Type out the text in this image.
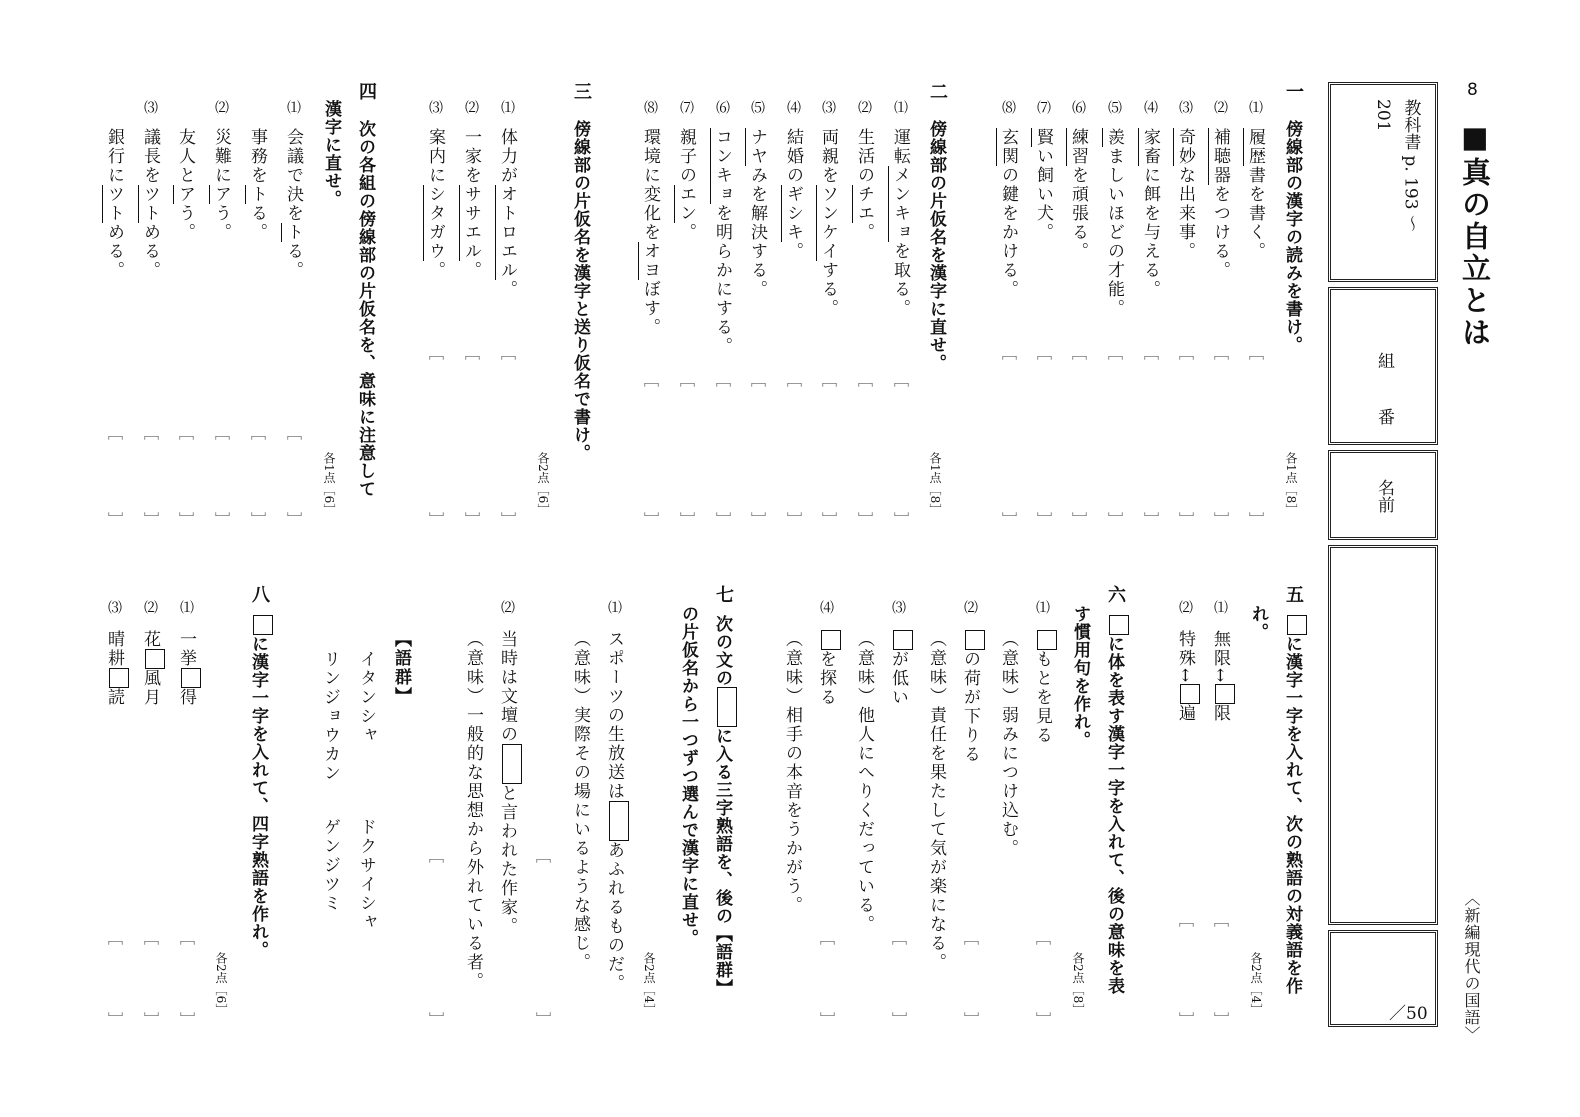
8
■真の自立とは
〈新編現代の国語〉
教科書 p. 193 ～ 201
組
番
名前
／50
一
傍線部の漢字の読みを書け。
各1点［8］
⑴
履歴書を書く。
［
］
⑵
補聴器をつける。
［
］
⑶
奇妙な出来事。
［
］
⑷
家畜に餌を与える。
［
］
⑸
羨ましいほどの才能。
［
］
⑹
練習を頑張る。
［
］
⑺
賢い飼い犬。
［
］
⑻
玄関の鍵をかける。
［
］
二
傍線部の片仮名を漢字に直せ。
各1点［8］
⑴
運転メンキョを取る。
［
］
⑵
生活のチエ。
［
］
⑶
両親をソンケイする。
［
］
⑷
結婚のギシキ。
［
］
⑸
ナヤみを解決する。
［
］
⑹
コンキョを明らかにする。
［
］
⑺
親子のエン。
［
］
⑻
環境に変化をオヨぼす。
［
］
三
傍線部の片仮名を漢字と送り仮名で書け。
各2点［6］
⑴
体力がオトロエル。
［
］
⑵
一家をササエル。
［
］
⑶
案内にシタガウ。
［
］
四
次の各組の傍線部の片仮名を、意味に注意して
漢字に直せ。
各1点［6］
⑴
会議で決をトる。
［
］
事務をトる。
［
］
⑵
災難にアう。
［
］
友人とアう。
［
］
⑶
議長をツトめる。
［
］
銀行にツトめる。
［
］
五
に漢字一字を入れて、次の熟語の対義語を作
れ。
各2点［4］
⑴
無限↔限
［
］
⑵
特殊↔遍
［
］
六
に体を表す漢字一字を入れて、後の意味を表
す慣用句を作れ。
各2点［8］
⑴
もとを見る
（意味）弱みにつけ込む。
［
］
⑵
の荷が下りる
（意味）責任を果たして気が楽になる。 ［
］
⑶
が低い
（意味）他人にへりくだっている。
［
］
⑷
を探る
（意味）相手の本音をうかがう。
［
］
七
次の文のに入る三字熟語を、後の【語群】
の片仮名から一つずつ選んで漢字に直せ。
各2点［4］
⑴
スポーツの生放送はあふれるものだ。
（意味）実際その場にいるような感じ。
［
］
⑵
当時は文壇のと言われた作家。
（意味）一般的な思想から外れている者。
［
］
【語群】
イタンシャ
ドクサイシャ
リンジョウカン
ゲンジツミ
八
に漢字一字を入れて、四字熟語を作れ。
各2点［6］
⑴
一挙得
［
］
⑵
花風月
［
］
⑶
晴耕読
［
］
